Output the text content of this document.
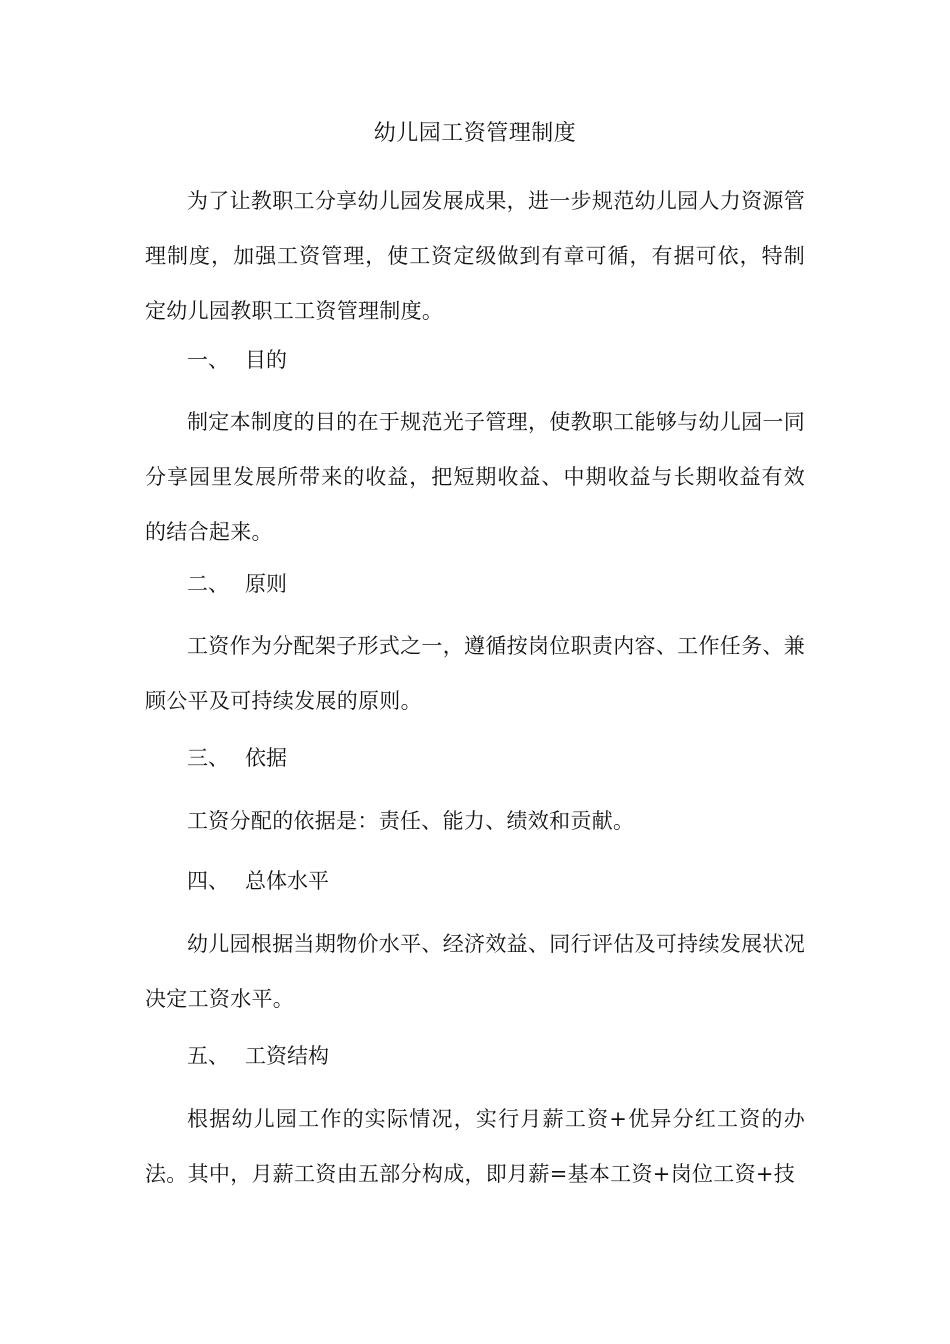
幼儿园工资管理制度

为了让教职工分享幼儿园发展成果，进一步规范幼儿园人力资源管理制度，加强工资管理，使工资定级做到有章可循，有据可依，特制定幼儿园教职工工资管理制度。

一、 目的

制定本制度的目的在于规范光子管理，使教职工能够与幼儿园一同分享园里发展所带来的收益，把短期收益、中期收益与长期收益有效的结合起来。

二、 原则

工资作为分配架子形式之一，遵循按岗位职责内容、工作任务、兼顾公平及可持续发展的原则。

三、 依据

工资分配的依据是：责任、能力、绩效和贡献。

四、 总体水平

幼儿园根据当期物价水平、经济效益、同行评估及可持续发展状况决定工资水平。

五、 工资结构

根据幼儿园工作的实际情况，实行月薪工资+优异分红工资的办法。其中，月薪工资由五部分构成，即月薪=基本工资+岗位工资+技
